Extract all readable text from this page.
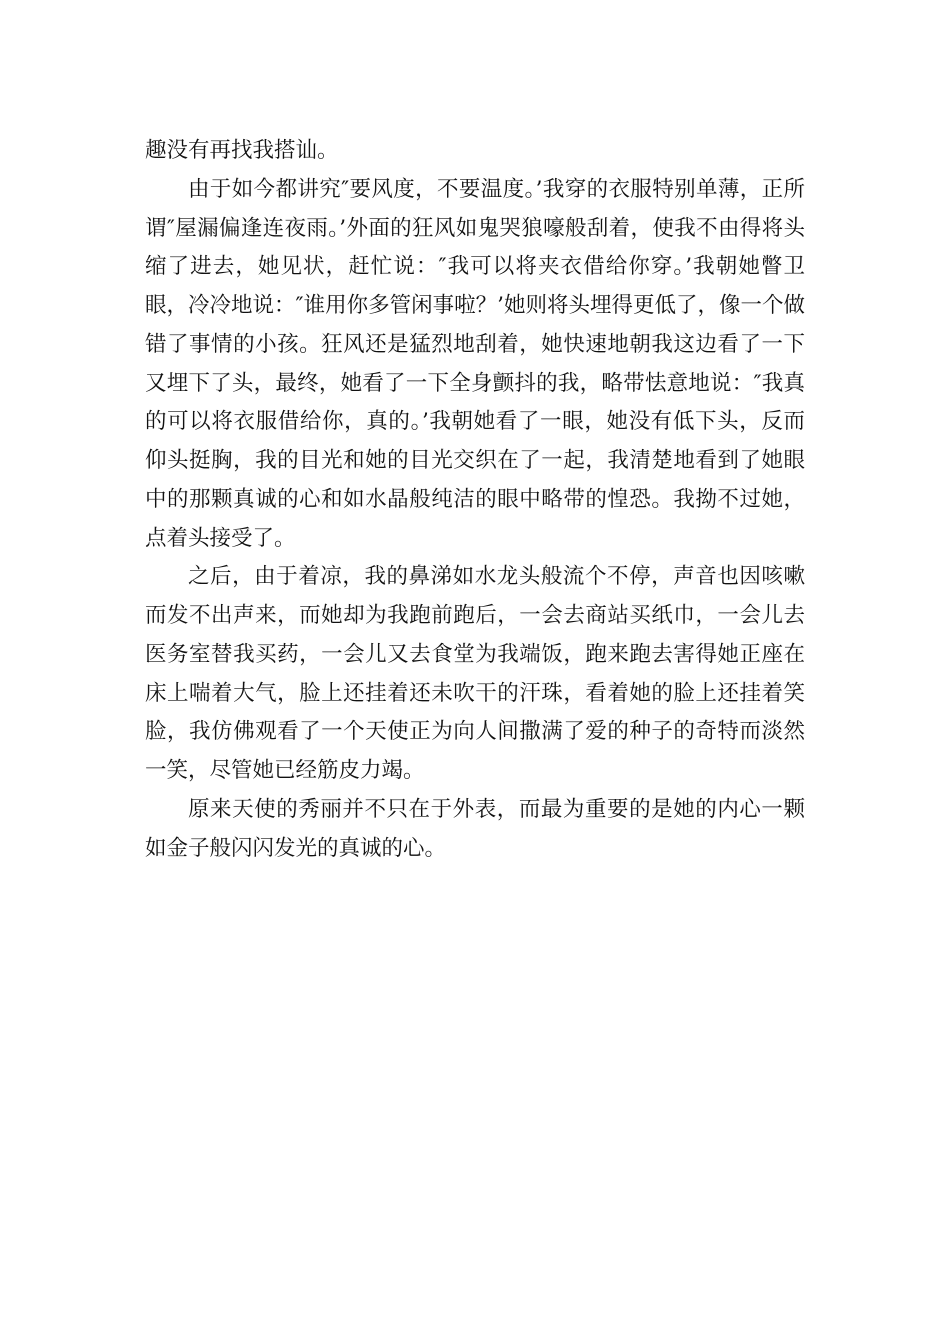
趣没有再找我搭讪。

由于如今都讲究″要风度，不要温度。’我穿的衣服特别单薄，正所谓″屋漏偏逢连夜雨。’外面的狂风如鬼哭狼嚎般刮着，使我不由得将头缩了进去，她见状，赶忙说：″我可以将夹衣借给你穿。’我朝她瞥卫眼，冷冷地说：″谁用你多管闲事啦？’她则将头埋得更低了，像一个做错了事情的小孩。狂风还是猛烈地刮着，她快速地朝我这边看了一下又埋下了头，最终，她看了一下全身颤抖的我，略带怯意地说：″我真的可以将衣服借给你，真的。’我朝她看了一眼，她没有低下头，反而仰头挺胸，我的目光和她的目光交织在了一起，我清楚地看到了她眼中的那颗真诚的心和如水晶般纯洁的眼中略带的惶恐。我拗不过她，点着头接受了。

之后，由于着凉，我的鼻涕如水龙头般流个不停，声音也因咳嗽而发不出声来，而她却为我跑前跑后，一会去商站买纸巾，一会儿去医务室替我买药，一会儿又去食堂为我端饭，跑来跑去害得她正座在床上喘着大气，脸上还挂着还未吹干的汗珠，看着她的脸上还挂着笑脸，我仿佛观看了一个天使正为向人间撒满了爱的种子的奇特而淡然一笑，尽管她已经筋皮力竭。

原来天使的秀丽并不只在于外表，而最为重要的是她的内心一颗如金子般闪闪发光的真诚的心。
